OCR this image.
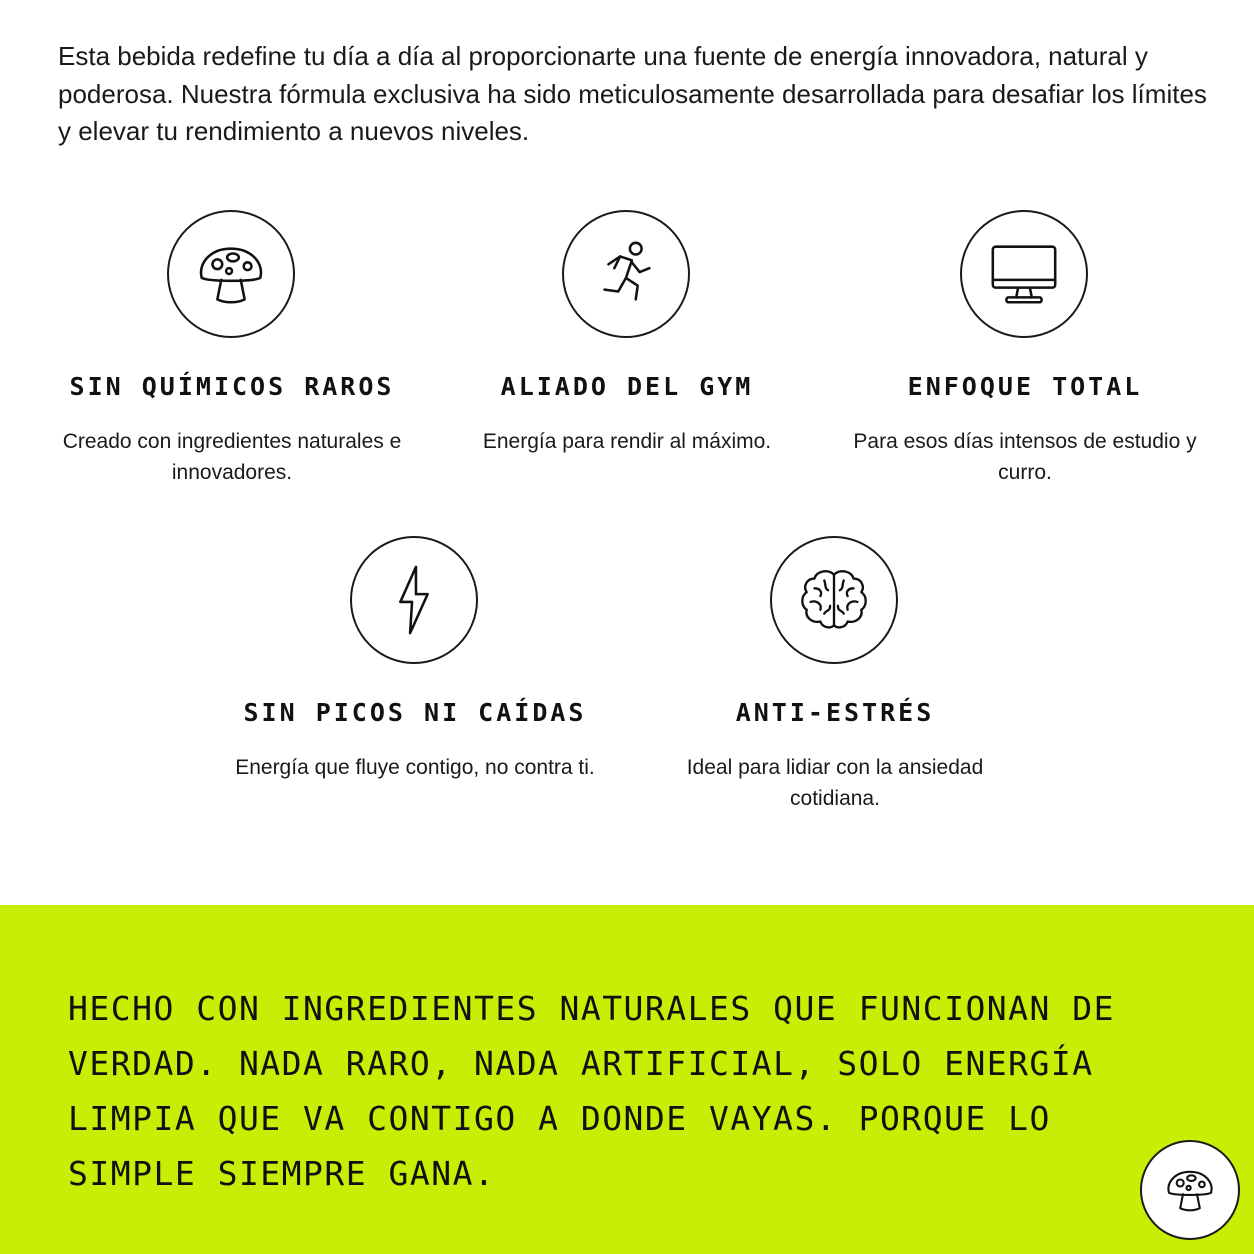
Esta bebida redefine tu día a día al proporcionarte una fuente de energía innovadora, natural y poderosa. Nuestra fórmula exclusiva ha sido meticulosamente desarrollada para desafiar los límites y elevar tu rendimiento a nuevos niveles.

SIN QUÍMICOS RAROS
Creado con ingredientes naturales e innovadores.
ALIADO DEL GYM
Energía para rendir al máximo.
ENFOQUE TOTAL
Para esos días intensos de estudio y curro.
SIN PICOS NI CAÍDAS
Energía que fluye contigo, no contra ti.
ANTI-ESTRÉS
Ideal para lidiar con la ansiedad cotidiana.

HECHO CON INGREDIENTES NATURALES QUE FUNCIONAN DE VERDAD. NADA RARO, NADA ARTIFICIAL, SOLO ENERGÍA LIMPIA QUE VA CONTIGO A DONDE VAYAS. PORQUE LO SIMPLE SIEMPRE GANA.
